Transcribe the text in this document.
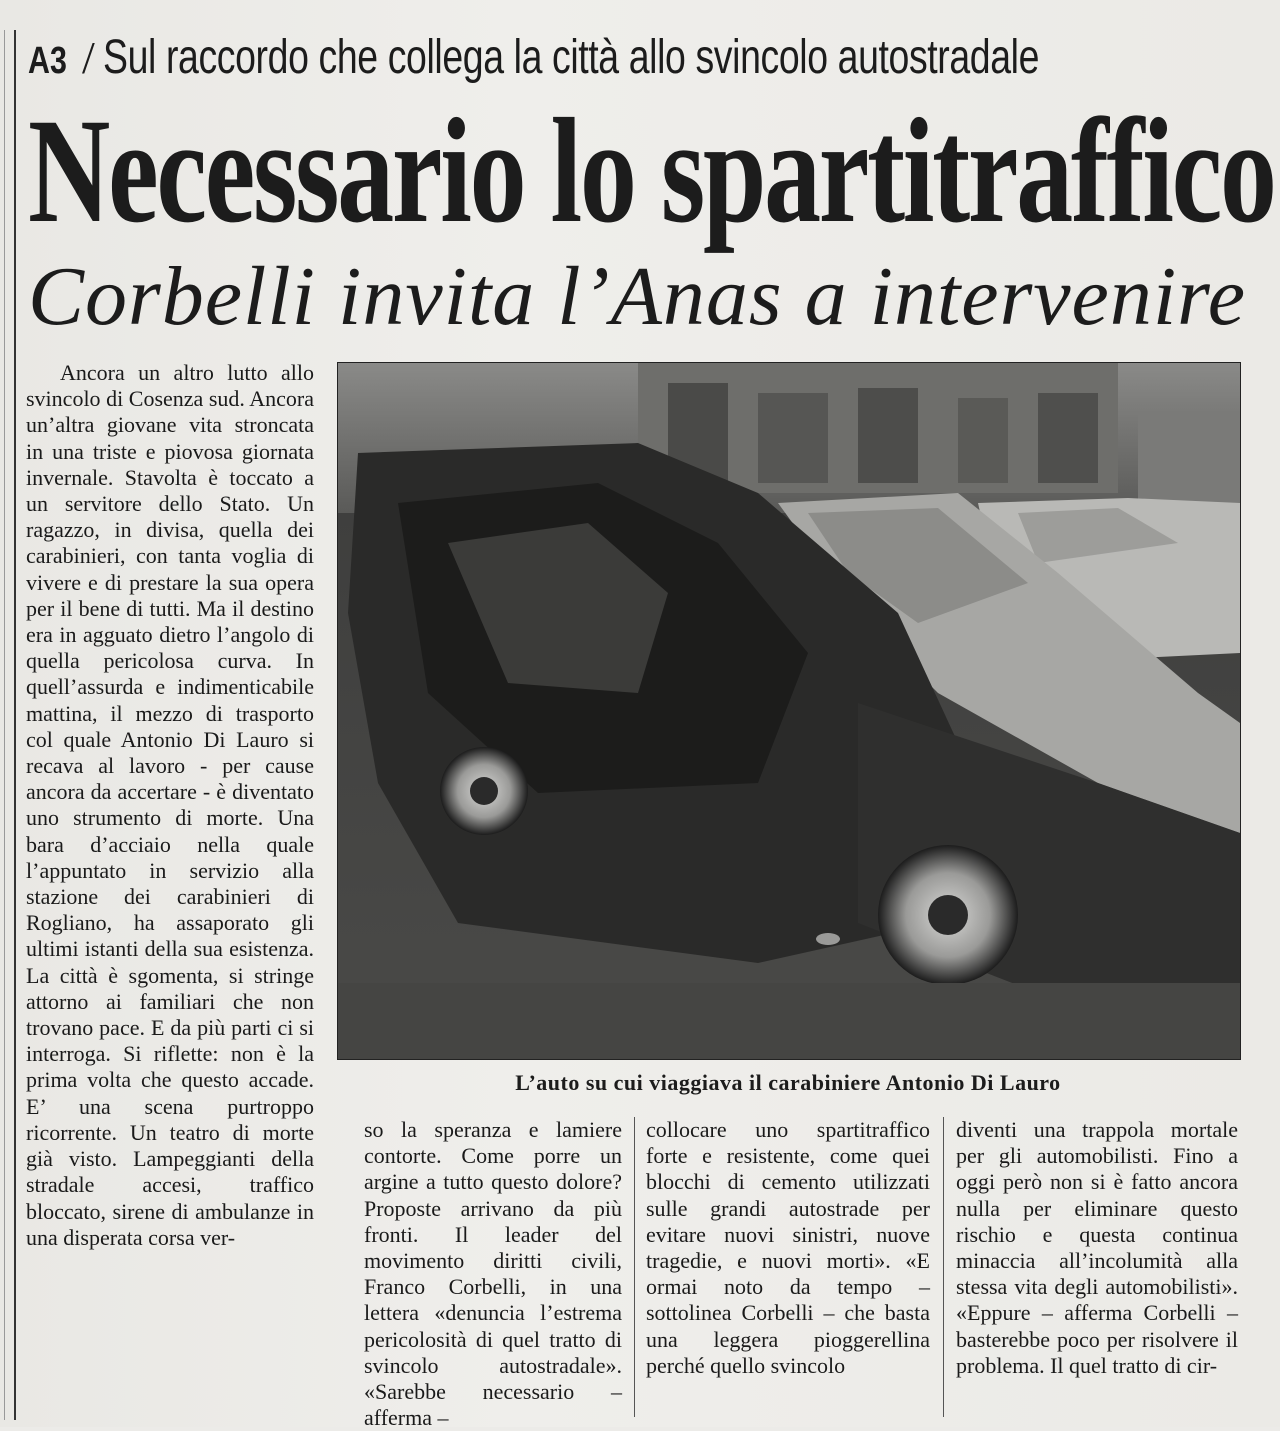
A3 / Sul raccordo che collega la città allo svincolo autostradale
Necessario lo spartitraffico
Corbelli invita l’Anas a intervenire
Ancora un altro lutto allo svincolo di Cosenza sud. Ancora un’altra giovane vita stroncata in una triste e piovosa giornata invernale. Stavolta è toccato a un servitore dello Stato. Un ragazzo, in divisa, quella dei carabinieri, con tanta voglia di vivere e di prestare la sua opera per il bene di tutti. Ma il destino era in agguato dietro l’angolo di quella pericolosa curva. In quell’assurda e indimenticabile mattina, il mezzo di trasporto col quale Antonio Di Lauro si recava al lavoro - per cause ancora da accertare - è diventato uno strumento di morte. Una bara d’acciaio nella quale l’appuntato in servizio alla stazione dei carabinieri di Rogliano, ha assaporato gli ultimi istanti della sua esistenza. La città è sgomenta, si stringe attorno ai familiari che non trovano pace. E da più parti ci si interroga. Si riflette: non è la prima volta che questo accade. E’ una scena purtroppo ricorrente. Un teatro di morte già visto. Lampeggianti della stradale accesi, traffico bloccato, sirene di ambulanze in una disperata corsa ver-
L’auto su cui viaggiava il carabiniere Antonio Di Lauro
so la speranza e lamiere contorte. Come porre un argine a tutto questo dolore? Proposte arrivano da più fronti. Il leader del movimento diritti civili, Franco Corbelli, in una lettera «denuncia l’estrema pericolosità di quel tratto di svincolo autostradale». «Sarebbe necessario – afferma –
collocare uno spartitraffico forte e resistente, come quei blocchi di cemento utilizzati sulle grandi autostrade per evitare nuovi sinistri, nuove tragedie, e nuovi morti». «E ormai noto da tempo – sottolinea Corbelli – che basta una leggera pioggerellina perché quello svincolo
diventi una trappola mortale per gli automobilisti. Fino a oggi però non si è fatto ancora nulla per eliminare questo rischio e questa continua minaccia all’incolumità alla stessa vita degli automobilisti». «Eppure – afferma Corbelli – basterebbe poco per risolvere il problema. Il quel tratto di cir-
